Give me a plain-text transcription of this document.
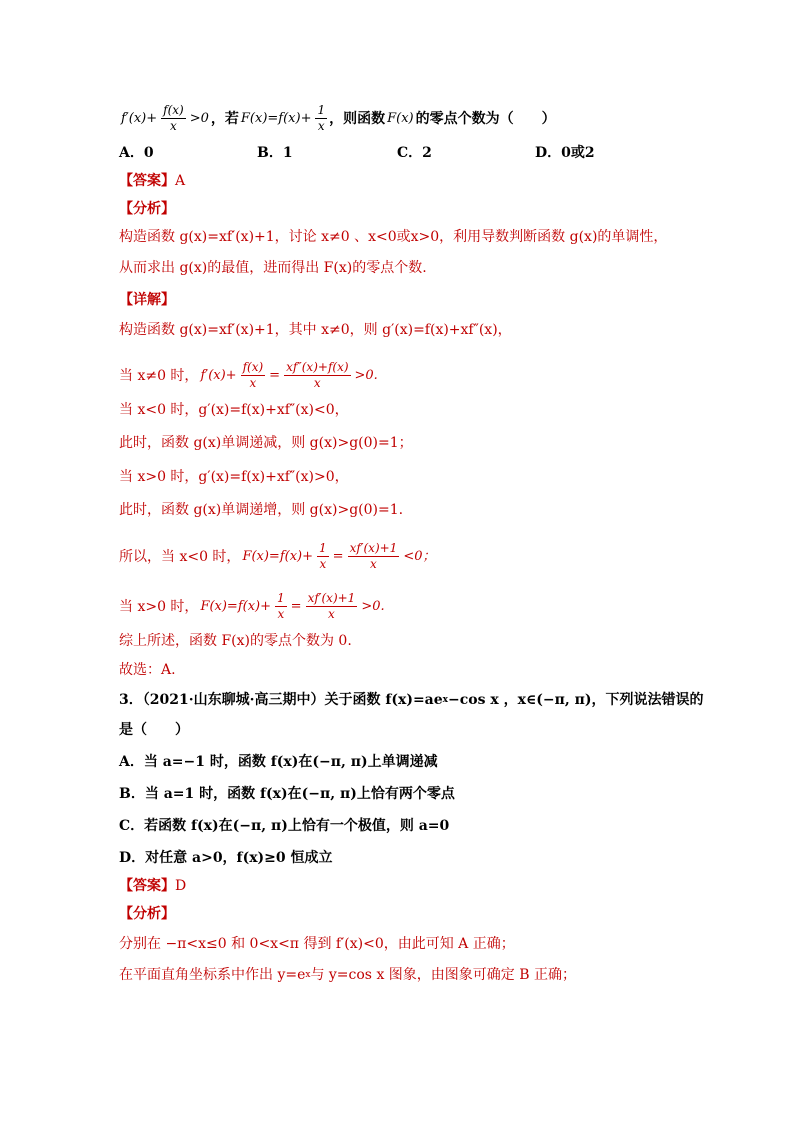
$f'(x)+ \frac{f(x)}{x} >0$ ，若 $F(x)=f(x)+ \frac{1}{x}$ ，则函数 F(x) 的零点个数为（　　）
A．0	B．1	C．2	D．0或2
【答案】 A
【分析】
构造函数 g(x)=xf′(x)+1，讨论 x≠0 、x<0或x>0，利用导数判断函数 g(x)的单调性，
从而求出 g(x)的最值，进而得出 F(x)的零点个数.
【详解】
构造函数 g(x)=xf′(x)+1，其中 x≠0，则 g′(x)=f(x)+xf″(x)，
当 x≠0 时， $f'(x)+ \frac{f(x)}{x} = \frac{xf''(x)+f(x)}{x} >0$.
当 x<0 时，g′(x)=f(x)+xf″(x)<0，
此时，函数 g(x)单调递减，则 g(x)>g(0)=1；
当 x>0 时，g′(x)=f(x)+xf″(x)>0，
此时，函数 g(x)单调递增，则 g(x)>g(0)=1.
所以，当 x<0 时， $F(x)=f(x)+ \frac{1}{x} = \frac{xf'(x)+1}{x} <0$；
当 x>0 时， $F(x)=f(x)+ \frac{1}{x} = \frac{xf'(x)+1}{x} >0$.
综上所述，函数 F(x)的零点个数为 0.
故选：A.
3．（2021·山东聊城·高三期中）关于函数 f(x)=ae x −cos x ，x∈(−π, π)，下列说法错误的
是（　　）
A．当 a=−1 时，函数 f(x)在(−π, π)上单调递减
B．当 a=1 时，函数 f(x)在(−π, π)上恰有两个零点
C．若函数 f(x)在(−π, π)上恰有一个极值，则 a=0
D．对任意 a>0，f(x)≥0 恒成立
【答案】 D
【分析】
分别在 −π<x≤0 和 0<x<π 得到 f′(x)<0，由此可知 A 正确；
在平面直角坐标系中作出 y=e x 与 y=cos x 图象，由图象可确定 B 正确；
